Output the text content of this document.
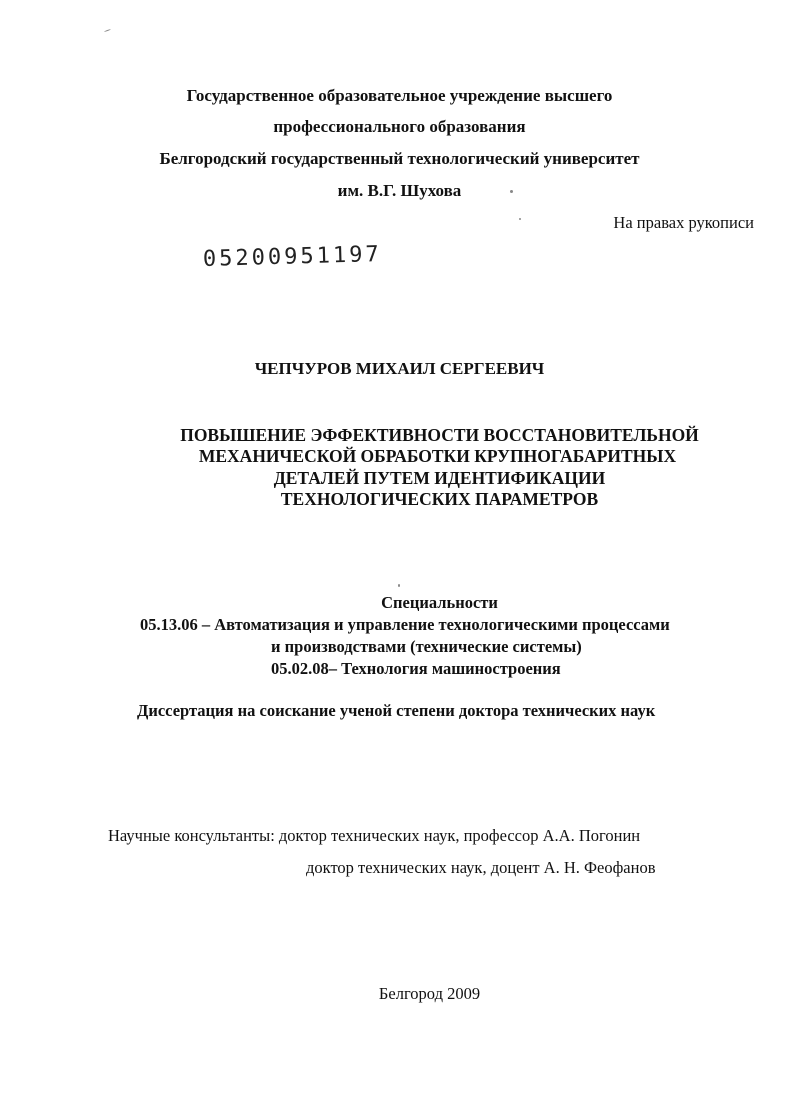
Государственное образовательное учреждение высшего
профессионального образования
Белгородский государственный технологический университет
им. В.Г. Шухова
На правах рукописи
05200951197
ЧЕПЧУРОВ МИХАИЛ СЕРГЕЕВИЧ
ПОВЫШЕНИЕ ЭФФЕКТИВНОСТИ ВОССТАНОВИТЕЛЬНОЙ
МЕХАНИЧЕСКОЙ ОБРАБОТКИ КРУПНОГАБАРИТНЫХ
ДЕТАЛЕЙ ПУТЕМ ИДЕНТИФИКАЦИИ
ТЕХНОЛОГИЧЕСКИХ ПАРАМЕТРОВ
Специальности
05.13.06 – Автоматизация и управление технологическими процессами
и производствами (технические системы)
05.02.08– Технология машиностроения
Диссертация на соискание ученой степени доктора технических наук
Научные консультанты: доктор технических наук, профессор А.А. Погонин
доктор технических наук, доцент А. Н. Феофанов
Белгород 2009
